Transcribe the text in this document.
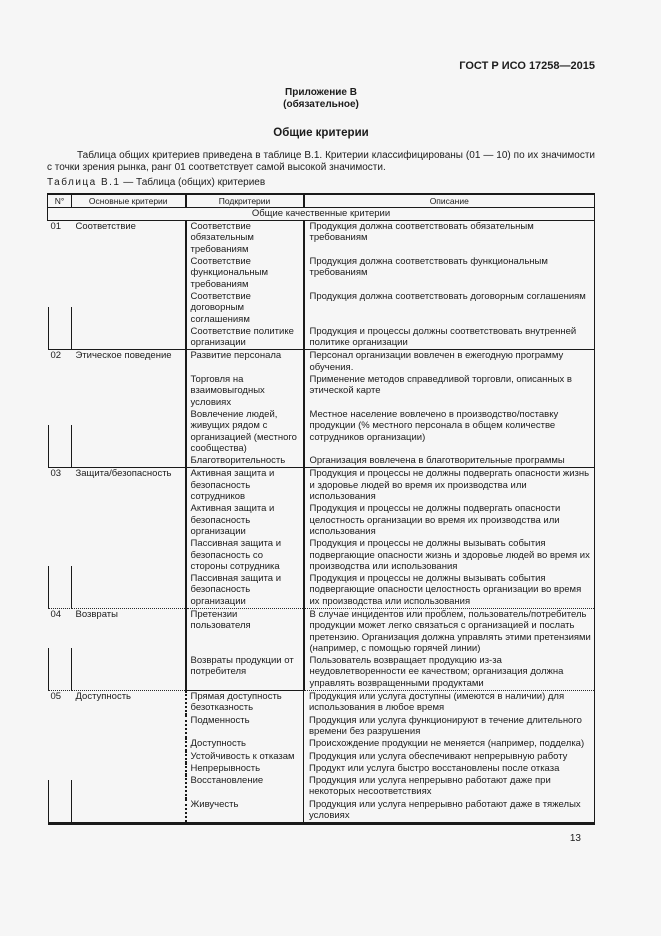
ГОСТ Р ИСО 17258—2015
Приложение В
(обязательное)
Общие критерии

Таблица общих критериев приведена в таблице В.1. Критерии классифицированы (01 — 10) по их значимости с точки зрения рынка, ранг 01 соответствует самой высокой значимости.

Таблица В.1 — Таблица (общих) критериев
N°	Основные критерии	Подкритерии	Описание
Общие качественные критерии			
01	Соответствие	Соответствие обязательным требованиям	Продукция должна соответствовать обязательным требованиям
		Соответствие функциональным требованиям	Продукция должна соответствовать функциональным требованиям
		Соответствие договорным соглашениям	Продукция должна соответствовать договорным соглашениям
		Соответствие политике организации	Продукция и процессы должны соответствовать внутренней политике организации
02	Этическое поведение	Развитие персонала	Персонал организации вовлечен в ежегодную программу обучения.
		Торговля на взаимовыгодных условиях	Применение методов справедливой торговли, описанных в этической карте
		Вовлечение людей, живущих рядом с организацией (местного сообщества)	Местное население вовлечено в производство/поставку продукции (% местного персонала в общем количестве сотрудников организации)
		Благотворительность	Организация вовлечена в благотворительные программы
03	Защита/безопасность	Активная защита и безопасность сотрудников	Продукция и процессы не должны подвергать опасности жизнь и здоровье людей во время их производства или использования
		Активная защита и безопасность организации	Продукция и процессы не должны подвергать опасности целостность организации во время их производства или использования
		Пассивная защита и безопасность со стороны сотрудника	Продукция и процессы не должны вызывать события подвергающие опасности жизнь и здоровье людей во время их производства или использования
		Пассивная защита и безопасность организации	Продукция и процессы не должны вызывать события подвергающие опасности целостность организации во время их производства или использования
04	Возвраты	Претензии пользователя	В случае инцидентов или проблем, пользователь/потребитель продукции может легко связаться с организацией и послать претензию. Организация должна управлять этими претензиями (например, с помощью горячей линии)
		Возвраты продукции от потребителя	Пользователь возвращает продукцию из-за неудовлетворенности ее качеством; организация должна управлять возвращенными продуктами
05	Доступность	Прямая доступность безотказность	Продукция или услуга доступны (имеются в наличии) для использования в любое время
		Подменность	Продукция или услуга функционируют в течение длительного времени без разрушения
		Доступность	Происхождение продукции не меняется (например, подделка)
		Устойчивость к отказам	Продукция или услуга обеспечивают непрерывную работу
		Непрерывность	Продукт или услуга быстро восстановлены после отказа
		Восстановление	Продукция или услуга непрерывно работают даже при некоторых несоответствиях
		Живучесть	Продукция или услуга непрерывно работают даже в тяжелых условиях
13
